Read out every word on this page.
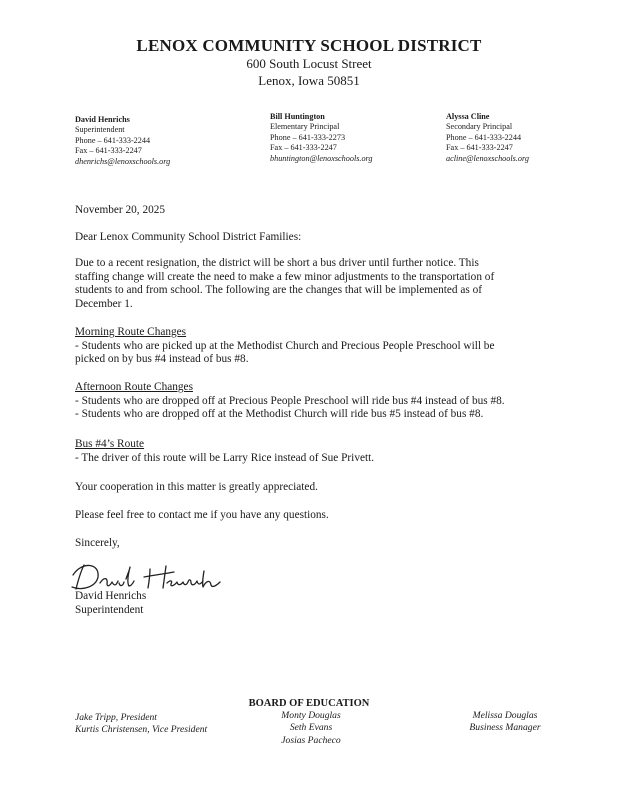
LENOX COMMUNITY SCHOOL DISTRICT
600 South Locust Street
Lenox, Iowa 50851
David Henrichs
Superintendent
Phone – 641-333-2244
Fax – 641-333-2247
dhenrichs@lenoxschools.org
Bill Huntington
Elementary Principal
Phone – 641-333-2273
Fax – 641-333-2247
bhuntington@lenoxschools.org
Alyssa Cline
Secondary Principal
Phone – 641-333-2244
Fax – 641-333-2247
acline@lenoxschools.org
November 20, 2025
Dear Lenox Community School District Families:
Due to a recent resignation, the district will be short a bus driver until further notice. This
staffing change will create the need to make a few minor adjustments to the transportation of
students to and from school. The following are the changes that will be implemented as of
December 1.
Morning Route Changes
- Students who are picked up at the Methodist Church and Precious People Preschool will be
picked on by bus #4 instead of bus #8.
Afternoon Route Changes
- Students who are dropped off at Precious People Preschool will ride bus #4 instead of bus #8.
- Students who are dropped off at the Methodist Church will ride bus #5 instead of bus #8.
Bus #4’s Route
- The driver of this route will be Larry Rice instead of Sue Privett.
Your cooperation in this matter is greatly appreciated.
Please feel free to contact me if you have any questions.
Sincerely,
David Henrichs
Superintendent
BOARD OF EDUCATION
Jake Tripp, President
Kurtis Christensen, Vice President
Monty Douglas
Seth Evans
Josias Pacheco
Melissa Douglas
Business Manager
